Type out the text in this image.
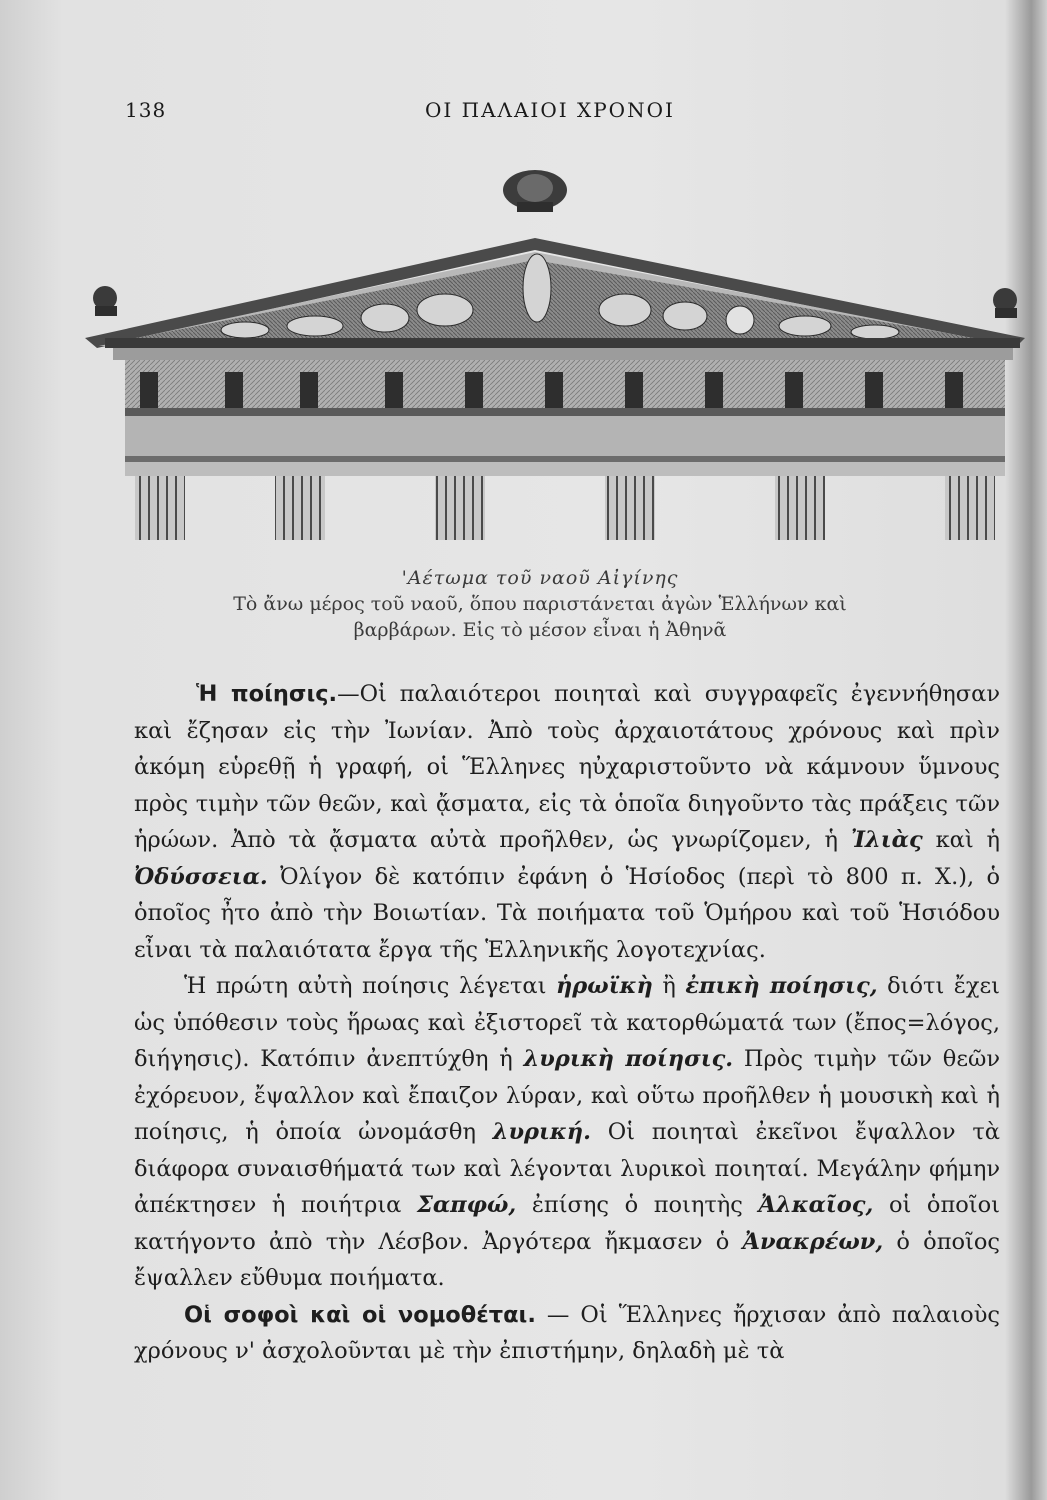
138	ΟΙ ΠΑΛΑΙΟΙ ΧΡΟΝΟΙ
'Αέτωμα τοῦ ναοῦ Αἰγίνης
Τὸ ἄνω μέρος τοῦ ναοῦ, ὅπου παριστάνεται ἀγὼν Ἑλλήνων καὶ
βαρβάρων. Εἰς τὸ μέσον εἶναι ἡ Ἀθηνᾶ

Ἡ ποίησις.—Οἱ παλαιότεροι ποιηταὶ καὶ συγγραφεῖς ἐγεννήθησαν καὶ ἔζησαν εἰς τὴν Ἰωνίαν. Ἀπὸ τοὺς ἀρχαιοτάτους χρόνους καὶ πρὶν ἀκόμη εὑρεθῇ ἡ γραφή, οἱ Ἕλληνες ηὐχαριστοῦντο νὰ κάμνουν ὕμνους πρὸς τιμὴν τῶν θεῶν, καὶ ᾄσματα, εἰς τὰ ὁποῖα διηγοῦντο τὰς πράξεις τῶν ἡρώων. Ἀπὸ τὰ ᾄσματα αὐτὰ προῆλθεν, ὡς γνωρίζομεν, ἡ Ἰλιὰς καὶ ἡ Ὀδύσσεια. Ὀλίγον δὲ κατόπιν ἐφάνη ὁ Ἡσίοδος (περὶ τὸ 800 π. Χ.), ὁ ὁποῖος ἦτο ἀπὸ τὴν Βοιωτίαν. Τὰ ποιήματα τοῦ Ὁμήρου καὶ τοῦ Ἡσιόδου εἶναι τὰ παλαιότατα ἔργα τῆς Ἑλληνικῆς λογοτεχνίας.

Ἡ πρώτη αὐτὴ ποίησις λέγεται ἡρωϊκὴ ἢ ἐπικὴ ποίησις, διότι ἔχει ὡς ὑπόθεσιν τοὺς ἥρωας καὶ ἐξιστορεῖ τὰ κατορθώματά των (ἔπος=λόγος, διήγησις). Κατόπιν ἀνεπτύχθη ἡ λυρικὴ ποίησις. Πρὸς τιμὴν τῶν θεῶν ἐχόρευον, ἔψαλλον καὶ ἔπαιζον λύραν, καὶ οὕτω προῆλθεν ἡ μουσικὴ καὶ ἡ ποίησις, ἡ ὁποία ὠνομάσθη λυρική. Οἱ ποιηταὶ ἐκεῖνοι ἔψαλλον τὰ διάφορα συναισθήματά των καὶ λέγονται λυρικοὶ ποιηταί. Μεγάλην φήμην ἀπέκτησεν ἡ ποιήτρια Σαπφώ, ἐπίσης ὁ ποιητὴς Ἀλκαῖος, οἱ ὁποῖοι κατήγοντο ἀπὸ τὴν Λέσβον. Ἀργότερα ἤκμασεν ὁ Ἀνακρέων, ὁ ὁποῖος ἔψαλλεν εὔθυμα ποιήματα.

Οἱ σοφοὶ καὶ οἱ νομοθέται. — Οἱ Ἕλληνες ἤρχισαν ἀπὸ παλαιοὺς χρόνους ν' ἀσχολοῦνται μὲ τὴν ἐπιστήμην, δηλαδὴ μὲ τὰ
